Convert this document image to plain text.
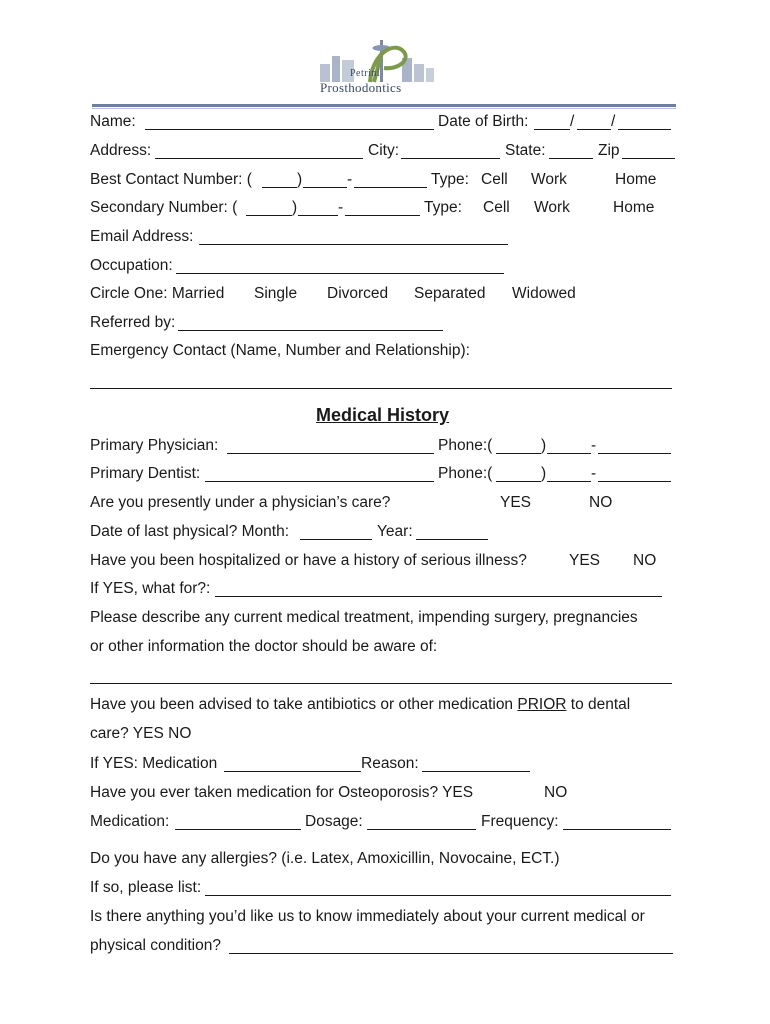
Petrini
Prosthodontics
Name:	Date of Birth:	/ /
Address:	City:	State:	Zip
Best Contact Number: (	)	-	Type: Cell Work	Home
Secondary Number: (	)	-	Type: Cell Work	Home
Email Address:
Occupation:
Circle One: Married Single Divorced Separated Widowed
Referred by:
Emergency Contact (Name, Number and Relationship):
Medical History
Primary Physician:	Phone:(	)	-
Primary Dentist:	Phone:(	)	-
Are you presently under a physician’s care?	YES	NO
Date of last physical? Month:	Year:
Have you been hospitalized or have a history of serious illness?	YES NO
If YES, what for?:
Please describe any current medical treatment, impending surgery, pregnancies
or other information the doctor should be aware of:
Have you been advised to take antibiotics or other medication PRIOR to dental
care? YES NO
If YES: Medication	Reason:
Have you ever taken medication for Osteoporosis? YES	NO
Medication:	Dosage:	Frequency:
Do you have any allergies? (i.e. Latex, Amoxicillin, Novocaine, ECT.)
If so, please list:
Is there anything you’d like us to know immediately about your current medical or
physical condition?
